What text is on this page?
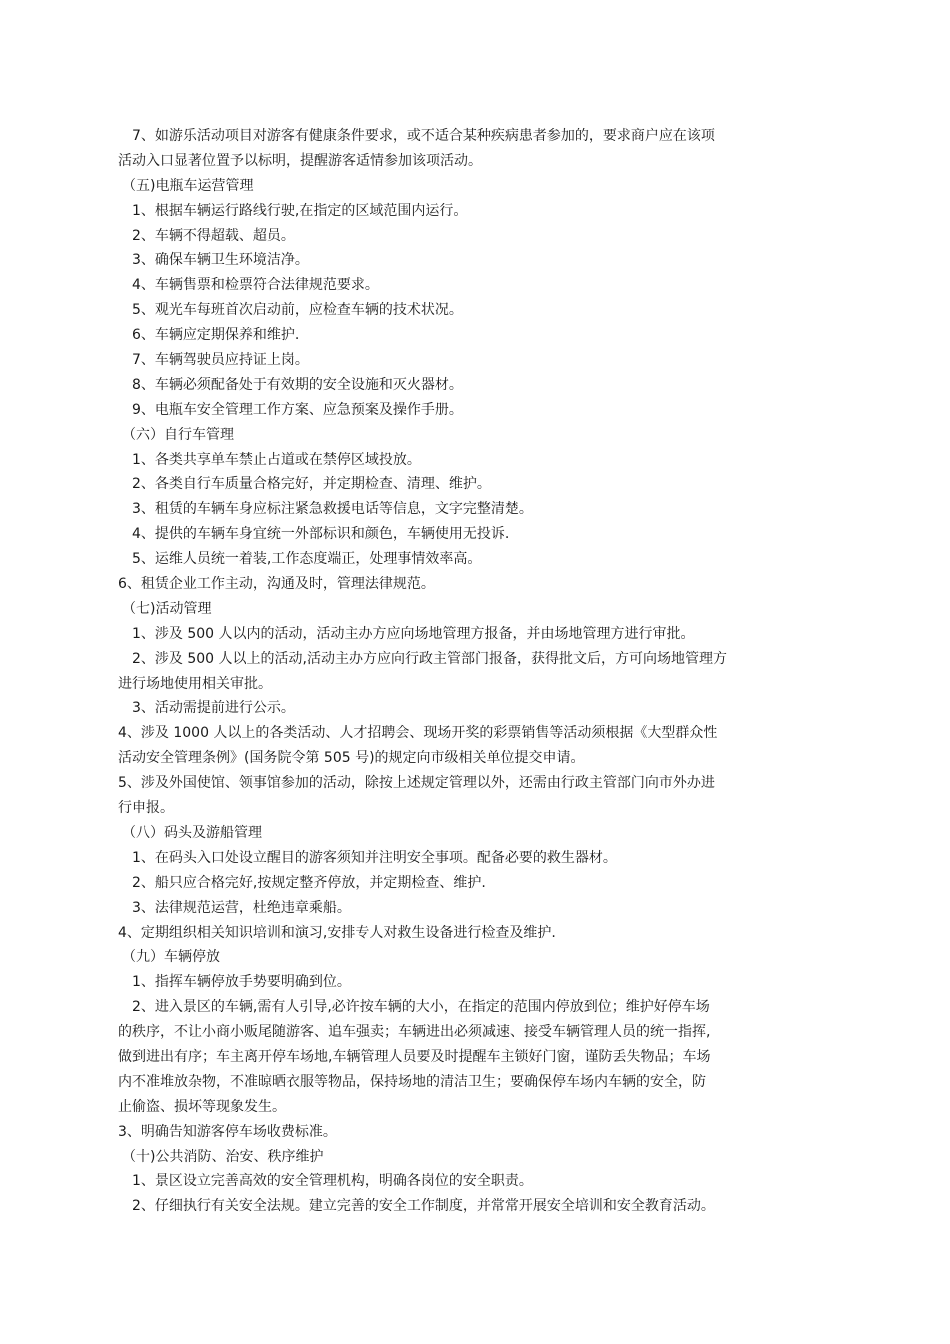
7、如游乐活动项目对游客有健康条件要求，或不适合某种疾病患者参加的，要求商户应在该项
活动入口显著位置予以标明，提醒游客适情参加该项活动。
（五)电瓶车运营管理
1、根据车辆运行路线行驶,在指定的区域范围内运行。
2、车辆不得超载、超员。
3、确保车辆卫生环境洁净。
4、车辆售票和检票符合法律规范要求。
5、观光车每班首次启动前，应检查车辆的技术状况。
6、车辆应定期保养和维护.
7、车辆驾驶员应持证上岗。
8、车辆必须配备处于有效期的安全设施和灭火器材。
9、电瓶车安全管理工作方案、应急预案及操作手册。
（六）自行车管理
1、各类共享单车禁止占道或在禁停区域投放。
2、各类自行车质量合格完好，并定期检查、清理、维护。
3、租赁的车辆车身应标注紧急救援电话等信息，文字完整清楚。
4、提供的车辆车身宜统一外部标识和颜色，车辆使用无投诉.
5、运维人员统一着装,工作态度端正，处理事情效率高。
6、租赁企业工作主动，沟通及时，管理法律规范。
（七)活动管理
1、涉及 500 人以内的活动，活动主办方应向场地管理方报备，并由场地管理方进行审批。
2、涉及 500 人以上的活动,活动主办方应向行政主管部门报备，获得批文后，方可向场地管理方
进行场地使用相关审批。
3、活动需提前进行公示。
4、涉及 1000 人以上的各类活动、人才招聘会、现场开奖的彩票销售等活动须根据《大型群众性
活动安全管理条例》(国务院令第 505 号)的规定向市级相关单位提交申请。
5、涉及外国使馆、领事馆参加的活动，除按上述规定管理以外，还需由行政主管部门向市外办进
行申报。
（八）码头及游船管理
1、在码头入口处设立醒目的游客须知并注明安全事项。配备必要的救生器材。
2、船只应合格完好,按规定整齐停放，并定期检查、维护.
3、法律规范运营，杜绝违章乘船。
4、定期组织相关知识培训和演习,安排专人对救生设备进行检查及维护.
（九）车辆停放
1、指挥车辆停放手势要明确到位。
2、进入景区的车辆,需有人引导,必许按车辆的大小，在指定的范围内停放到位；维护好停车场
的秩序，不让小商小贩尾随游客、追车强卖；车辆进出必须减速、接受车辆管理人员的统一指挥,
做到进出有序；车主离开停车场地,车辆管理人员要及时提醒车主锁好门窗，谨防丢失物品；车场
内不准堆放杂物，不准晾晒衣服等物品，保持场地的清洁卫生；要确保停车场内车辆的安全，防
止偷盗、损坏等现象发生。
3、明确告知游客停车场收费标准。
（十)公共消防、治安、秩序维护
1、景区设立完善高效的安全管理机构，明确各岗位的安全职责。
2、仔细执行有关安全法规。建立完善的安全工作制度，并常常开展安全培训和安全教育活动。
